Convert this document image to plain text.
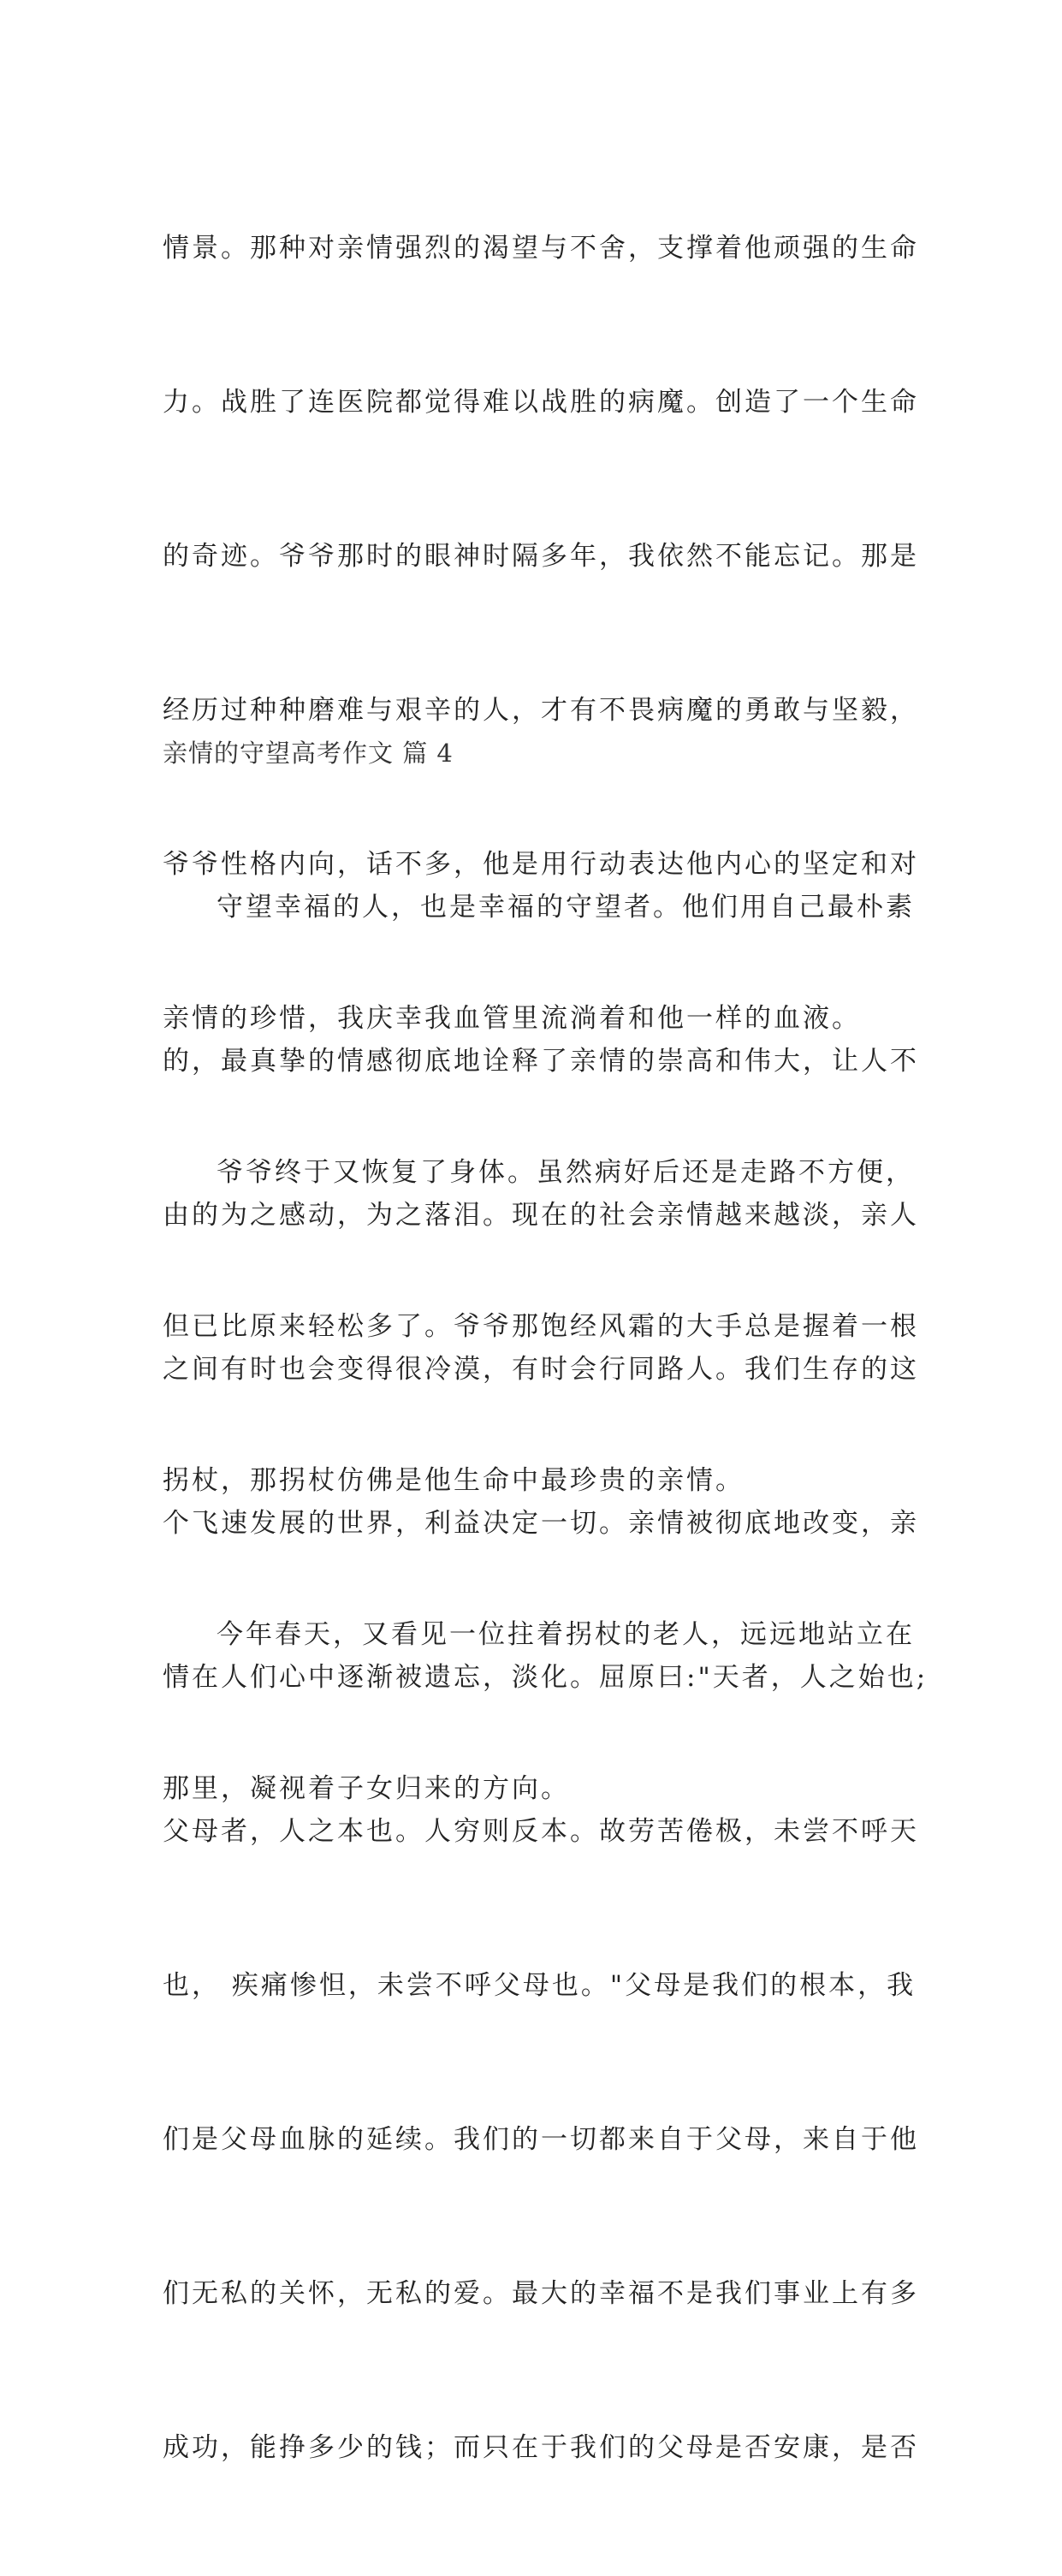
情景。那种对亲情强烈的渴望与不舍，支撑着他顽强的生命

力。战胜了连医院都觉得难以战胜的病魔。创造了一个生命

的奇迹。爷爷那时的眼神时隔多年，我依然不能忘记。那是

经历过种种磨难与艰辛的人，才有不畏病魔的勇敢与坚毅，

爷爷性格内向，话不多，他是用行动表达他内心的坚定和对

亲情的珍惜，我庆幸我血管里流淌着和他一样的血液。

爷爷终于又恢复了身体。虽然病好后还是走路不方便，

但已比原来轻松多了。爷爷那饱经风霜的大手总是握着一根

拐杖，那拐杖仿佛是他生命中最珍贵的亲情。

今年春天，又看见一位拄着拐杖的老人，远远地站立在

那里，凝视着子女归来的方向。

亲情的守望高考作文 篇 4

守望幸福的人，也是幸福的守望者。他们用自己最朴素

的，最真挚的情感彻底地诠释了亲情的崇高和伟大，让人不

由的为之感动，为之落泪。现在的社会亲情越来越淡，亲人

之间有时也会变得很冷漠，有时会行同路人。我们生存的这

个飞速发展的世界，利益决定一切。亲情被彻底地改变，亲

情在人们心中逐渐被遗忘，淡化。屈原曰:"天者，人之始也;

父母者，人之本也。人穷则反本。故劳苦倦极，未尝不呼天

也， 疾痛惨怛，未尝不呼父母也。"父母是我们的根本，我

们是父母血脉的延续。我们的一切都来自于父母，来自于他

们无私的关怀，无私的爱。最大的幸福不是我们事业上有多

成功，能挣多少的钱；而只在于我们的父母是否安康，是否
